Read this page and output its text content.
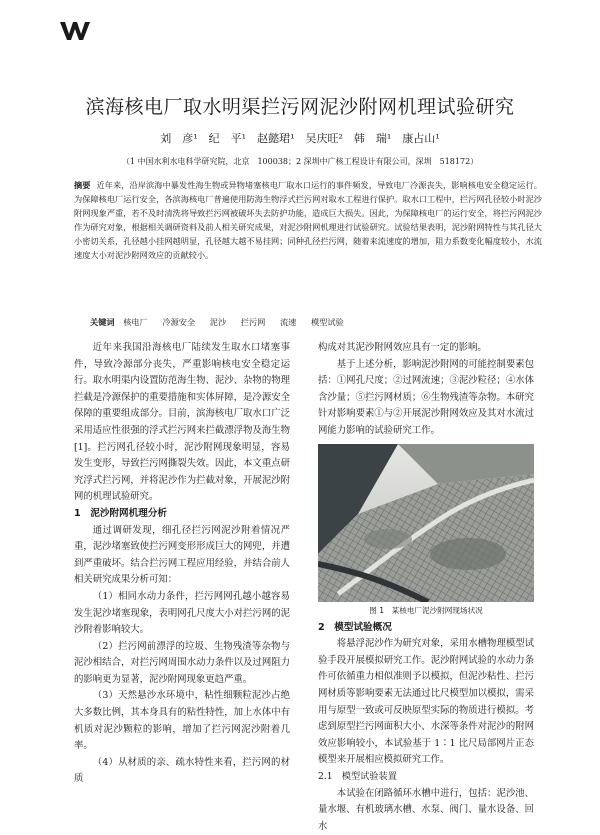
滨海核电厂取水明渠拦污网泥沙附网机理试验研究
刘　彦¹　纪　平¹　赵懿珺¹　吴庆旺²　韩　瑞¹　康占山¹
（1 中国水利水电科学研究院，北京　100038；2 深圳中广核工程设计有限公司，深圳　518172）
摘要 近年来，沿岸滨海中暴发性海生物或异物堵塞核电厂取水口运行的事件频发，导致电厂冷源丧失，影响核电安全稳定运行。为保障核电厂运行安全，各滨海核电厂普遍使用防海生物浮式拦污网对取水工程进行保护。取水口工程中，拦污网孔径较小时泥沙附网现象严重，若不及时清洗将导致拦污网被破坏失去防护功能，造成巨大损失。因此，为保障核电厂的运行安全，将拦污网泥沙作为研究对象，根据相关调研资料及前人相关研究成果，对泥沙附网机理进行试验研究。试验结果表明，泥沙附网特性与其孔径大小密切关系，孔径越小挂网越明显，孔径越大越不易挂网；同种孔径拦污网，随着来流速度的增加，阻力系数变化幅度较小，水流速度大小对泥沙附网效应的贡献较小。
关键词 核电厂 冷源安全 泥沙 拦污网 流速 模型试验

近年来我国沿海核电厂陆续发生取水口堵塞事件，导致冷源部分丧失，严重影响核电安全稳定运行。取水明渠内设置防范海生物、泥沙、杂物的物理拦截是冷源保护的重要措施和实体屏障，是冷源安全保障的重要组成部分。目前，滨海核电厂取水口广泛采用适应性很强的浮式拦污网来拦截漂浮物及海生物[1]。拦污网孔径较小时，泥沙附网现象明显，容易发生变形，导致拦污网撕裂失效。因此，本文重点研究浮式拦污网，并将泥沙作为拦截对象，开展泥沙附网的机理试验研究。

1　泥沙附网机理分析

通过调研发现，细孔径拦污网泥沙附着情况严重，泥沙堵塞致使拦污网变形形成巨大的网兜，并遭到严重破坏。结合拦污网工程应用经验，并结合前人相关研究成果分析可知：

（1）相同水动力条件，拦污网网孔越小越容易发生泥沙堵塞现象，表明网孔尺度大小对拦污网的泥沙附着影响较大。

（2）拦污网前漂浮的垃圾、生物残渣等杂物与泥沙相结合，对拦污网周围水动力条件以及过网阻力的影响更为显著，泥沙附网现象更趋严重。

（3）天然悬沙水环境中，粘性细颗粒泥沙占绝大多数比例，其本身具有的粘性特性，加上水体中有机质对泥沙颗粒的影响，增加了拦污网泥沙附着几率。

（4）从材质的亲、疏水特性来看，拦污网的材质

构成对其泥沙附网效应具有一定的影响。

基于上述分析，影响泥沙附网的可能控制要素包括：①网孔尺度；②过网流速；③泥沙粒径；④水体含沙量；⑤拦污网材质；⑥生物残渣等杂物。本研究针对影响要素①与②开展泥沙附网效应及其对水流过网能力影响的试验研究工作。

图 1　某核电厂泥沙附网现场状况
2　模型试验概况

将悬浮泥沙作为研究对象，采用水槽物理模型试验手段开展模拟研究工作。泥沙附网试验的水动力条件可依循重力相似准则予以模拟，但泥沙粘性、拦污网材质等影响要素无法通过比尺模型加以模拟，需采用与原型一致或可反映原型实际的物质进行模拟。考虑到原型拦污网面积大小、水深等条件对泥沙的附网效应影响较小，本试验基于 1∶1 比尺局部网片正态模型来开展相应模拟研究工作。

2.1　模型试验装置

本试验在闭路循环水槽中进行，包括：泥沙池、量水堰、有机玻璃水槽、水泵、阀门、量水设备、回水
